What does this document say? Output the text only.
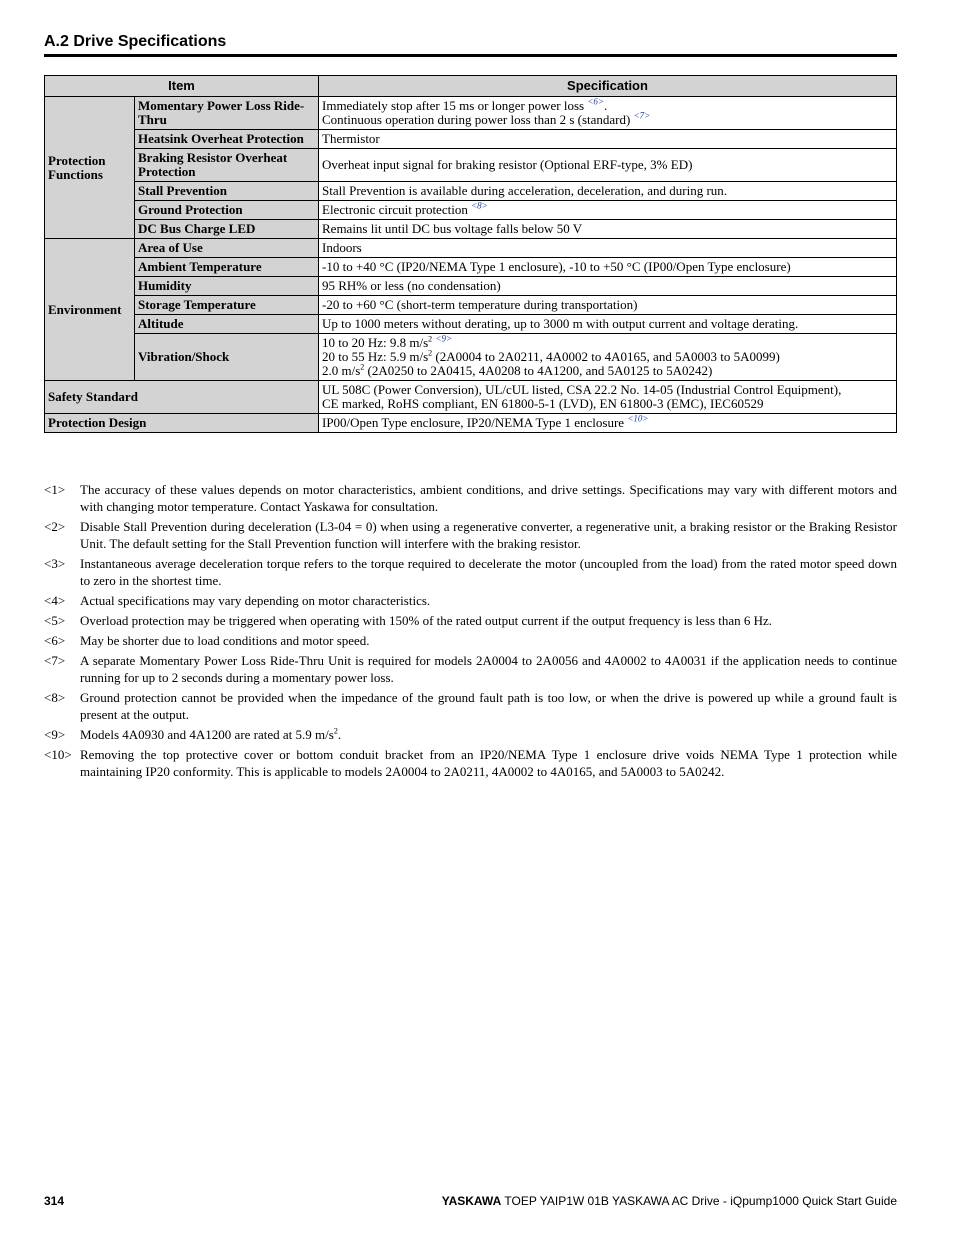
A.2 Drive Specifications
Item		Specification
Protection Functions	Momentary Power Loss Ride-Thru	Immediately stop after 15 ms or longer power loss $^{<6>}$.
Continuous operation during power loss than 2 s (standard) $^{<7>}$
	Heatsink Overheat Protection	Thermistor
	Braking Resistor Overheat Protection	Overheat input signal for braking resistor (Optional ERF-type, 3% ED)
	Stall Prevention	Stall Prevention is available during acceleration, deceleration, and during run.
	Ground Protection	Electronic circuit protection $^{<8>}$
	DC Bus Charge LED	Remains lit until DC bus voltage falls below 50 V
Environment	Area of Use	Indoors
	Ambient Temperature	-10 to +40 °C (IP20/NEMA Type 1 enclosure), -10 to +50 °C (IP00/Open Type enclosure)
	Humidity	95 RH% or less (no condensation)
	Storage Temperature	-20 to +60 °C (short-term temperature during transportation)
	Altitude	Up to 1000 meters without derating, up to 3000 m with output current and voltage derating.
	Vibration/Shock	10 to 20 Hz: 9.8 $m/s^2$ $^{<9>}$
20 to 55 Hz: 5.9 $m/s^2$ (2A0004 to 2A0211, 4A0002 to 4A0165, and 5A0003 to 5A0099)
2.0 $m/s^2$ (2A0250 to 2A0415, 4A0208 to 4A1200, and 5A0125 to 5A0242)
Safety Standard		UL 508C (Power Conversion), UL/cUL listed, CSA 22.2 No. 14-05 (Industrial Control Equipment),
CE marked, RoHS compliant, EN 61800-5-1 (LVD), EN 61800-3 (EMC), IEC60529
Protection Design		IP00/Open Type enclosure, IP20/NEMA Type 1 enclosure $^{<10>}$
<1>	The accuracy of these values depends on motor characteristics, ambient conditions, and drive settings. Specifications may vary with different motors and with changing motor temperature. Contact Yaskawa for consultation.
<2>	Disable Stall Prevention during deceleration (L3-04 = 0) when using a regenerative converter, a regenerative unit, a braking resistor or the Braking Resistor Unit. The default setting for the Stall Prevention function will interfere with the braking resistor.
<3>	Instantaneous average deceleration torque refers to the torque required to decelerate the motor (uncoupled from the load) from the rated motor speed down to zero in the shortest time.
<4>	Actual specifications may vary depending on motor characteristics.
<5>	Overload protection may be triggered when operating with 150% of the rated output current if the output frequency is less than 6 Hz.
<6>	May be shorter due to load conditions and motor speed.
<7>	A separate Momentary Power Loss Ride-Thru Unit is required for models 2A0004 to 2A0056 and 4A0002 to 4A0031 if the application needs to continue running for up to 2 seconds during a momentary power loss.
<8>	Ground protection cannot be provided when the impedance of the ground fault path is too low, or when the drive is powered up while a ground fault is present at the output.
<9>	Models 4A0930 and 4A1200 are rated at 5.9 $m/s^2$.
<10> Removing the top protective cover or bottom conduit bracket from an IP20/NEMA Type 1 enclosure drive voids NEMA Type 1 protection while maintaining IP20 conformity. This is applicable to models 2A0004 to 2A0211, 4A0002 to 4A0165, and 5A0003 to 5A0242.
314	YASKAWA TOEP YAIP1W 01B YASKAWA AC Drive - iQpump1000 Quick Start Guide
